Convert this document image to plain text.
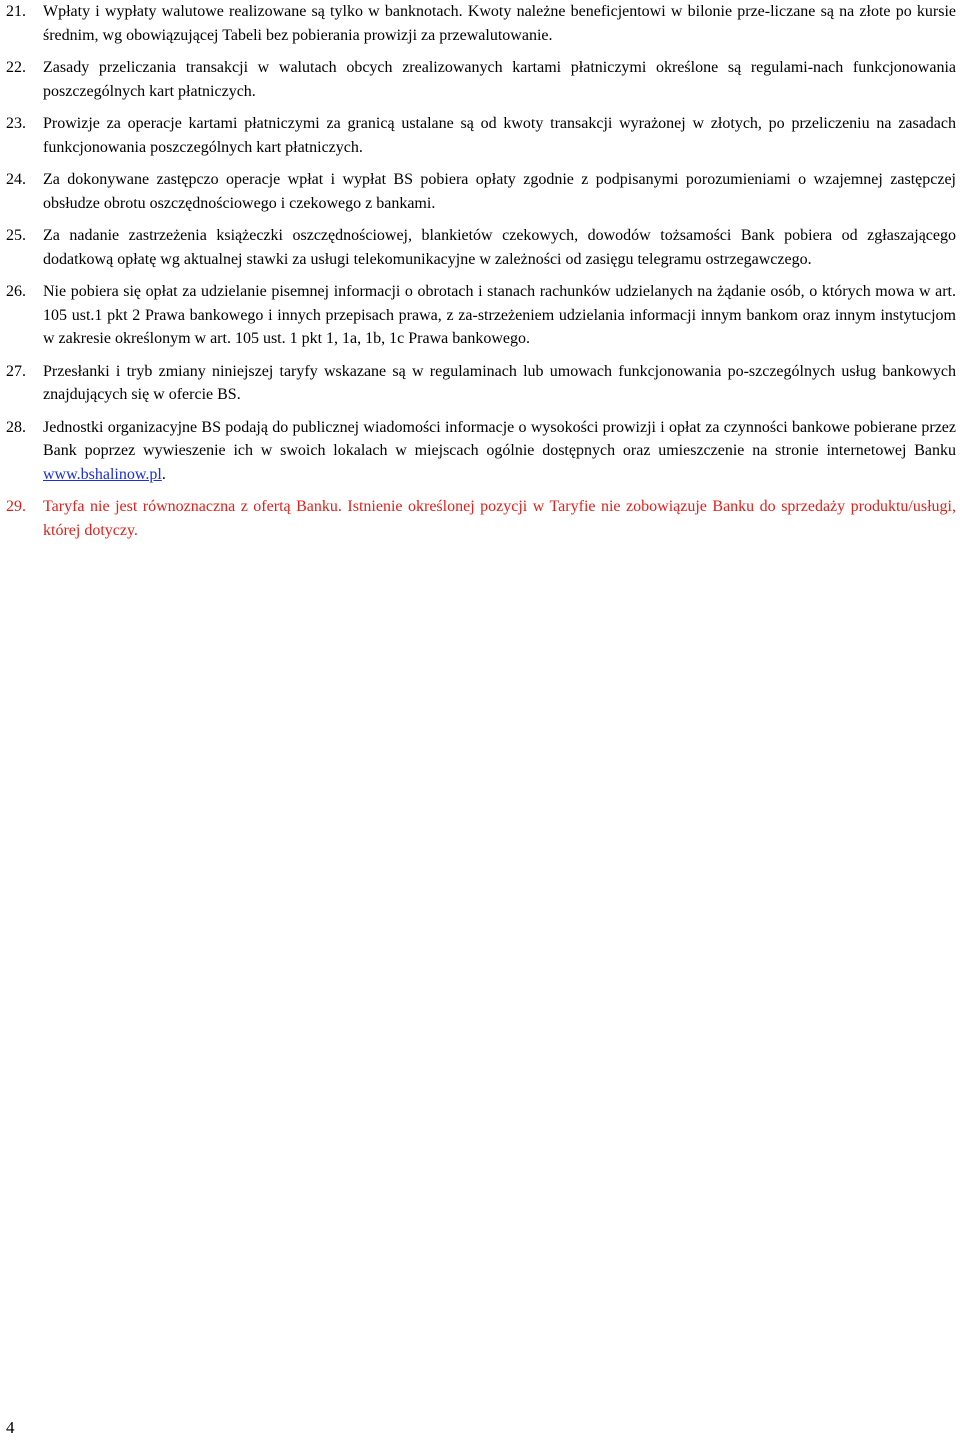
21.	Wpłaty i wypłaty walutowe realizowane są tylko w banknotach. Kwoty należne beneficjentowi w bilonie prze-liczane są na złote po kursie średnim, wg obowiązującej Tabeli bez pobierania prowizji za przewalutowanie.
22.	Zasady przeliczania transakcji w walutach obcych zrealizowanych kartami płatniczymi określone są regulami-nach funkcjonowania poszczególnych kart płatniczych.
23.	Prowizje za operacje kartami płatniczymi za granicą ustalane są od kwoty transakcji wyrażonej w złotych, po przeliczeniu na zasadach funkcjonowania poszczególnych kart płatniczych.
24.	Za dokonywane zastępczo operacje wpłat i wypłat BS pobiera opłaty zgodnie z podpisanymi porozumieniami o wzajemnej zastępczej obsłudze obrotu oszczędnościowego i czekowego z bankami.
25.	Za nadanie zastrzeżenia książeczki oszczędnościowej, blankietów czekowych, dowodów tożsamości Bank pobiera od zgłaszającego dodatkową opłatę wg aktualnej stawki za usługi telekomunikacyjne w zależności od zasięgu telegramu ostrzegawczego.
26.	Nie pobiera się opłat za udzielanie pisemnej informacji o obrotach i stanach rachunków udzielanych na żądanie osób, o których mowa w art. 105 ust.1 pkt 2 Prawa bankowego i innych przepisach prawa, z za-strzeżeniem udzielania informacji innym bankom oraz innym instytucjom w zakresie określonym w art. 105 ust. 1 pkt 1, 1a, 1b, 1c Prawa bankowego.
27.	Przesłanki i tryb zmiany niniejszej taryfy wskazane są w regulaminach lub umowach funkcjonowania po-szczególnych usług bankowych znajdujących się w ofercie BS.
28.	Jednostki organizacyjne BS podają do publicznej wiadomości informacje o wysokości prowizji i opłat za czynności bankowe pobierane przez Bank poprzez wywieszenie ich w swoich lokalach w miejscach ogólnie dostępnych oraz umieszczenie na stronie internetowej Banku www.bshalinow.pl.
29.	Taryfa nie jest równoznaczna z ofertą Banku. Istnienie określonej pozycji w Taryfie nie zobowiązuje Banku do sprzedaży produktu/usługi, której dotyczy.
4
